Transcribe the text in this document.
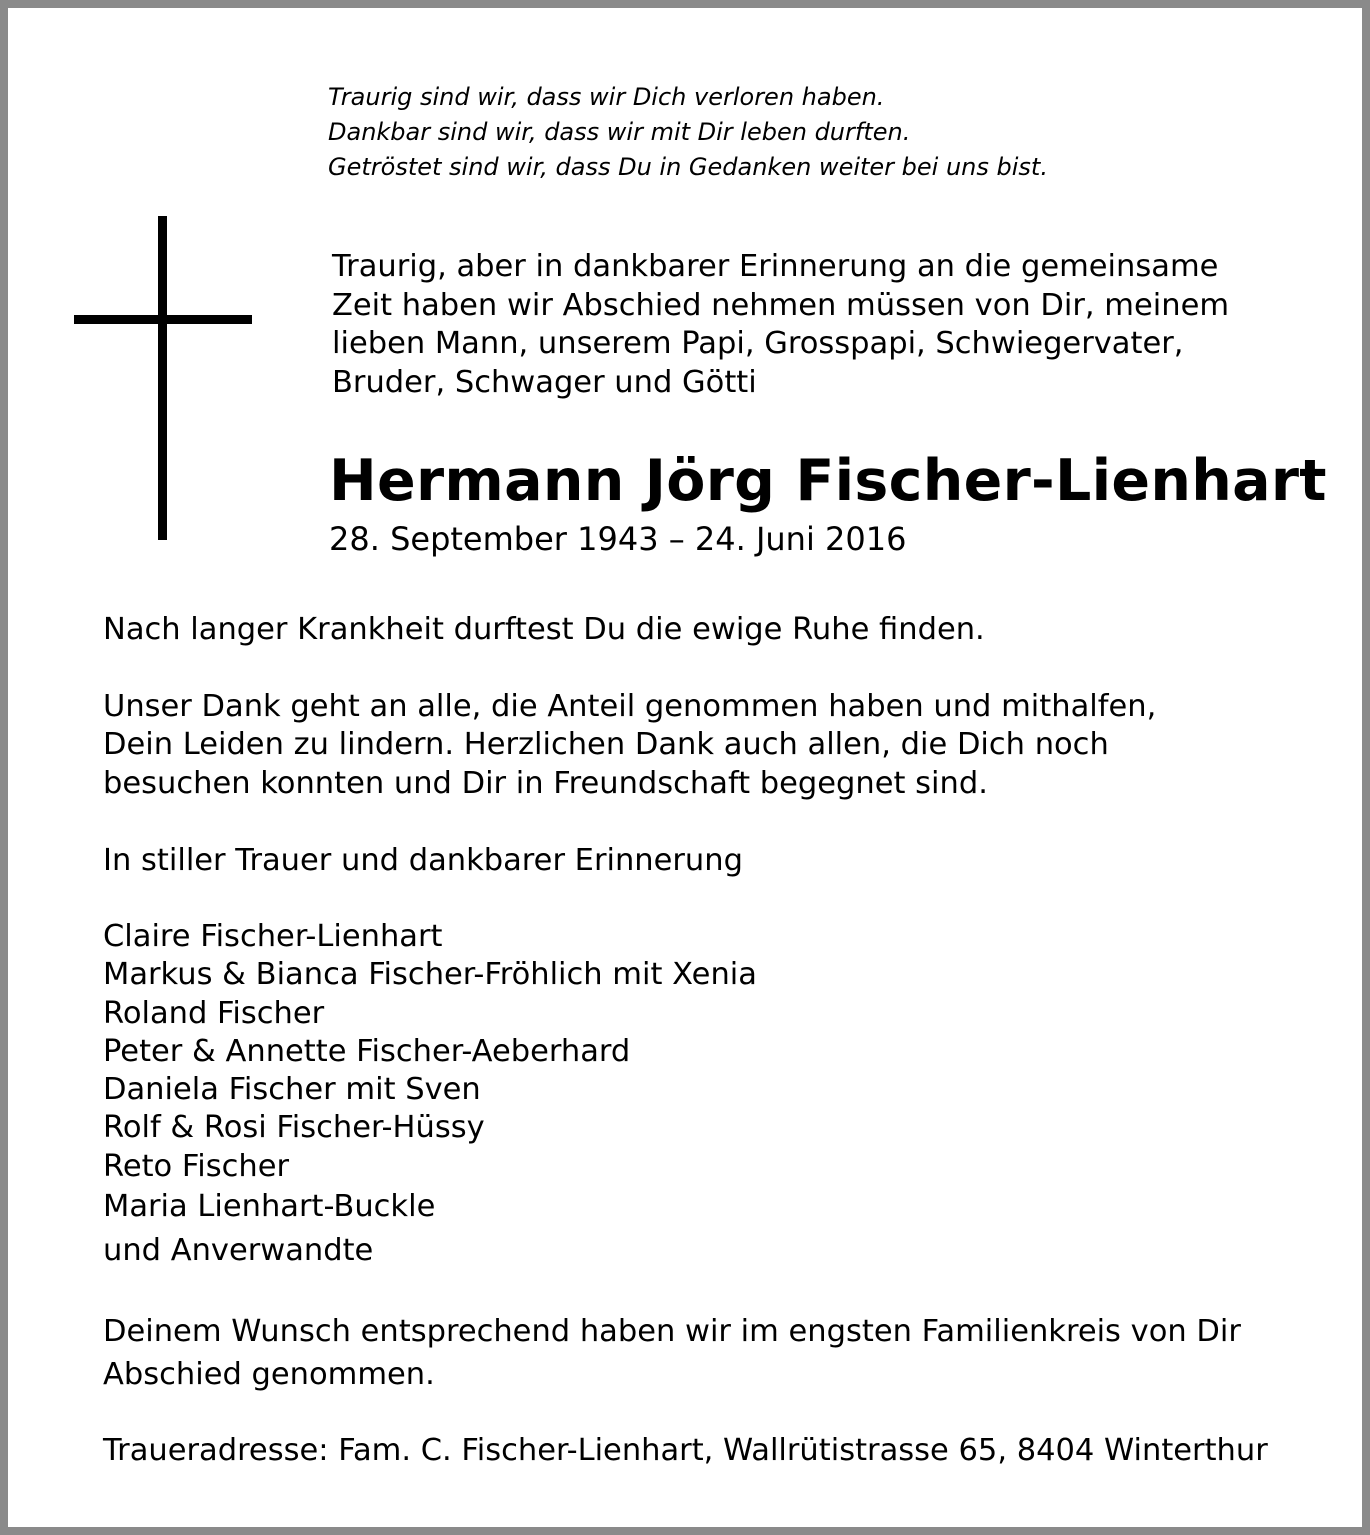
Traurig sind wir, dass wir Dich verloren haben.
Dankbar sind wir, dass wir mit Dir leben durften.
Getröstet sind wir, dass Du in Gedanken weiter bei uns bist.
Traurig, aber in dankbarer Erinnerung an die gemeinsame
Zeit haben wir Abschied nehmen müssen von Dir, meinem
lieben Mann, unserem Papi, Grosspapi, Schwiegervater,
Bruder, Schwager und Götti
Hermann Jörg Fischer-Lienhart
28. September 1943 – 24. Juni 2016
Nach langer Krankheit durftest Du die ewige Ruhe finden.
Unser Dank geht an alle, die Anteil genommen haben und mithalfen,
Dein Leiden zu lindern. Herzlichen Dank auch allen, die Dich noch
besuchen konnten und Dir in Freundschaft begegnet sind.
In stiller Trauer und dankbarer Erinnerung
Claire Fischer-Lienhart
Markus & Bianca Fischer-Fröhlich mit Xenia
Roland Fischer
Peter & Annette Fischer-Aeberhard
Daniela Fischer mit Sven
Rolf & Rosi Fischer-Hüssy
Reto Fischer
Maria Lienhart-Buckle
und Anverwandte
Deinem Wunsch entsprechend haben wir im engsten Familienkreis von Dir
Abschied genommen.
Traueradresse: Fam. C. Fischer-Lienhart, Wallrütistrasse 65, 8404 Winterthur
